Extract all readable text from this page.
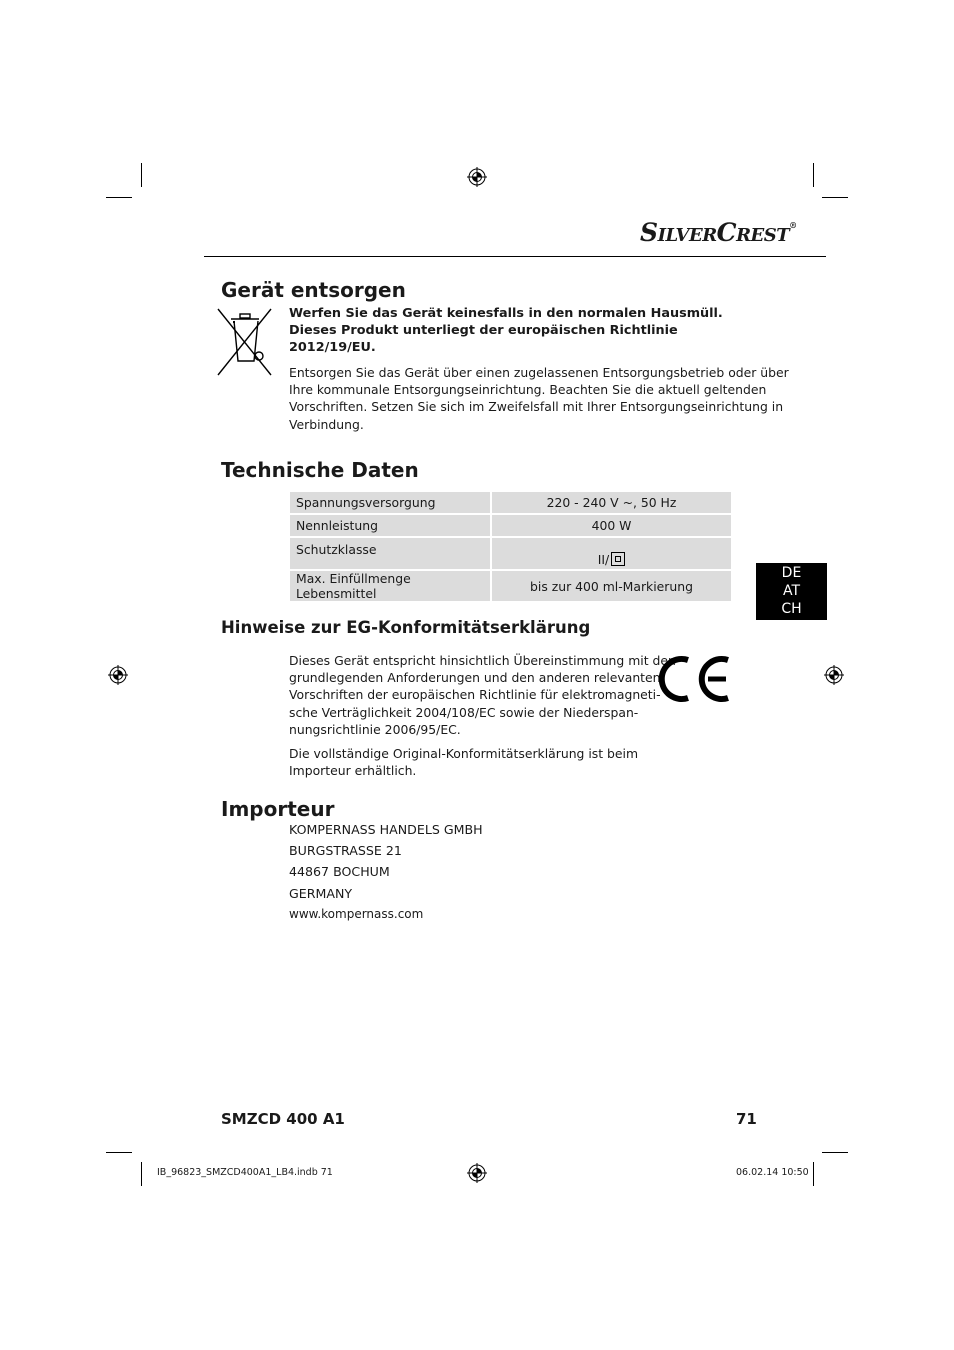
SILVERCREST®
Gerät entsorgen
Werfen Sie das Gerät keinesfalls in den normalen Hausmüll.
Dieses Produkt unterliegt der europäischen Richtlinie
2012/19/EU.
Entsorgen Sie das Gerät über einen zugelassenen Entsorgungsbetrieb oder über
Ihre kommunale Entsorgungseinrichtung. Beachten Sie die aktuell geltenden
Vorschriften. Setzen Sie sich im Zweifelsfall mit Ihrer Entsorgungseinrichtung in
Verbindung.
Technische Daten
Spannungsversorgung	220 - 240 V ~, 50 Hz
Nennleistung	400 W
Schutzklasse	II/
Max. Einfüllmenge Lebensmittel	bis zur 400 ml-Markierung
DE
AT
CH
Hinweise zur EG-Konformitätserklärung
Dieses Gerät entspricht hinsichtlich Übereinstimmung mit den
grundlegenden Anforderungen und den anderen relevanten
Vorschriften der europäischen Richtlinie für elektromagneti-
sche Verträglichkeit 2004/108/EC sowie der Niederspan-
nungsrichtlinie 2006/95/EC.
Die vollständige Original-Konformitätserklärung ist beim
Importeur erhältlich.
Importeur
KOMPERNASS HANDELS GMBH
BURGSTRASSE 21
44867 BOCHUM
GERMANY
www.kompernass.com
SMZCD 400 A1	71
IB_96823_SMZCD400A1_LB4.indb 71	06.02.14 10:50
